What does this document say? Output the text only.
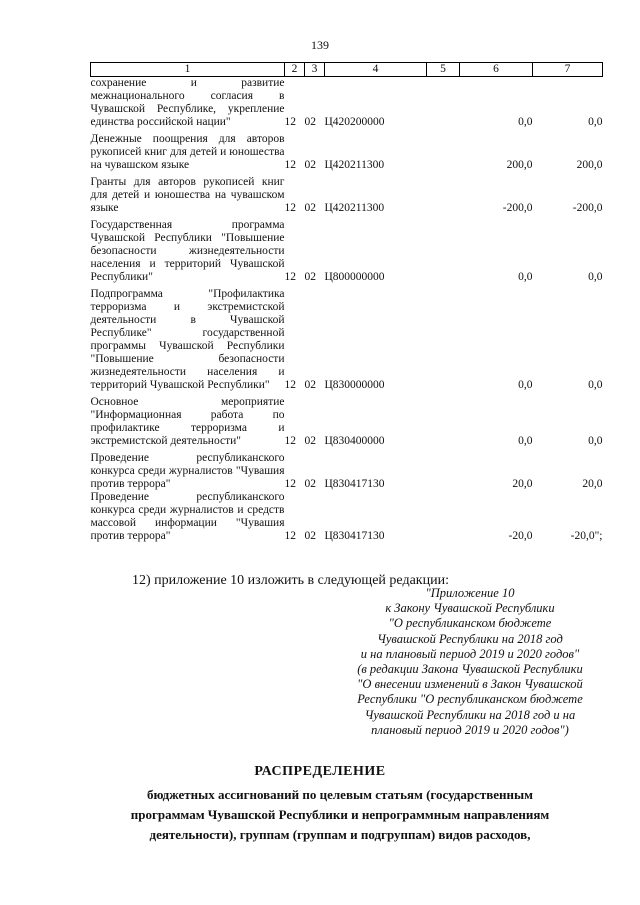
139
1	2	3	4	5	6	7
сохранение и развитие межнационального согласия в Чувашской Республике, укрепление единства российской нации"	12	02	Ц420200000		0,0	0,0
Денежные поощрения для авторов рукописей книг для детей и юношества на чувашском языке	12	02	Ц420211300		200,0	200,0
Гранты для авторов рукописей книг для детей и юношества на чувашском языке	12	02	Ц420211300		-200,0	-200,0
Государственная программа Чувашской Республики "Повышение безопасности жизнедеятельности населения и территорий Чувашской Республики"	12	02	Ц800000000		0,0	0,0
Подпрограмма "Профилактика терроризма и экстремистской деятельности в Чувашской Республике" государственной программы Чувашской Республики "Повышение безопасности жизнедеятельности населения и территорий Чувашской Республики"	12	02	Ц830000000		0,0	0,0
Основное мероприятие "Информационная работа по профилактике терроризма и экстремистской деятельности"	12	02	Ц830400000		0,0	0,0
Проведение республиканского конкурса среди журналистов "Чувашия против террора"	12	02	Ц830417130		20,0	20,0
Проведение республиканского конкурса среди журналистов и средств массовой информации "Чувашия против террора"	12	02	Ц830417130		-20,0	-20,0";
12) приложение 10 изложить в следующей редакции:
"Приложение 10
к Закону Чувашской Республики
"О республиканском бюджете
Чувашской Республики на 2018 год
и на плановый период 2019 и 2020 годов"
(в редакции Закона Чувашской Республики
"О внесении изменений в Закон Чувашской
Республики "О республиканском бюджете
Чувашской Республики на 2018 год и на
плановый период 2019 и 2020 годов")
РАСПРЕДЕЛЕНИЕ
бюджетных ассигнований по целевым статьям (государственным программам Чувашской Республики и непрограммным направлениям деятельности), группам (группам и подгруппам) видов расходов,
